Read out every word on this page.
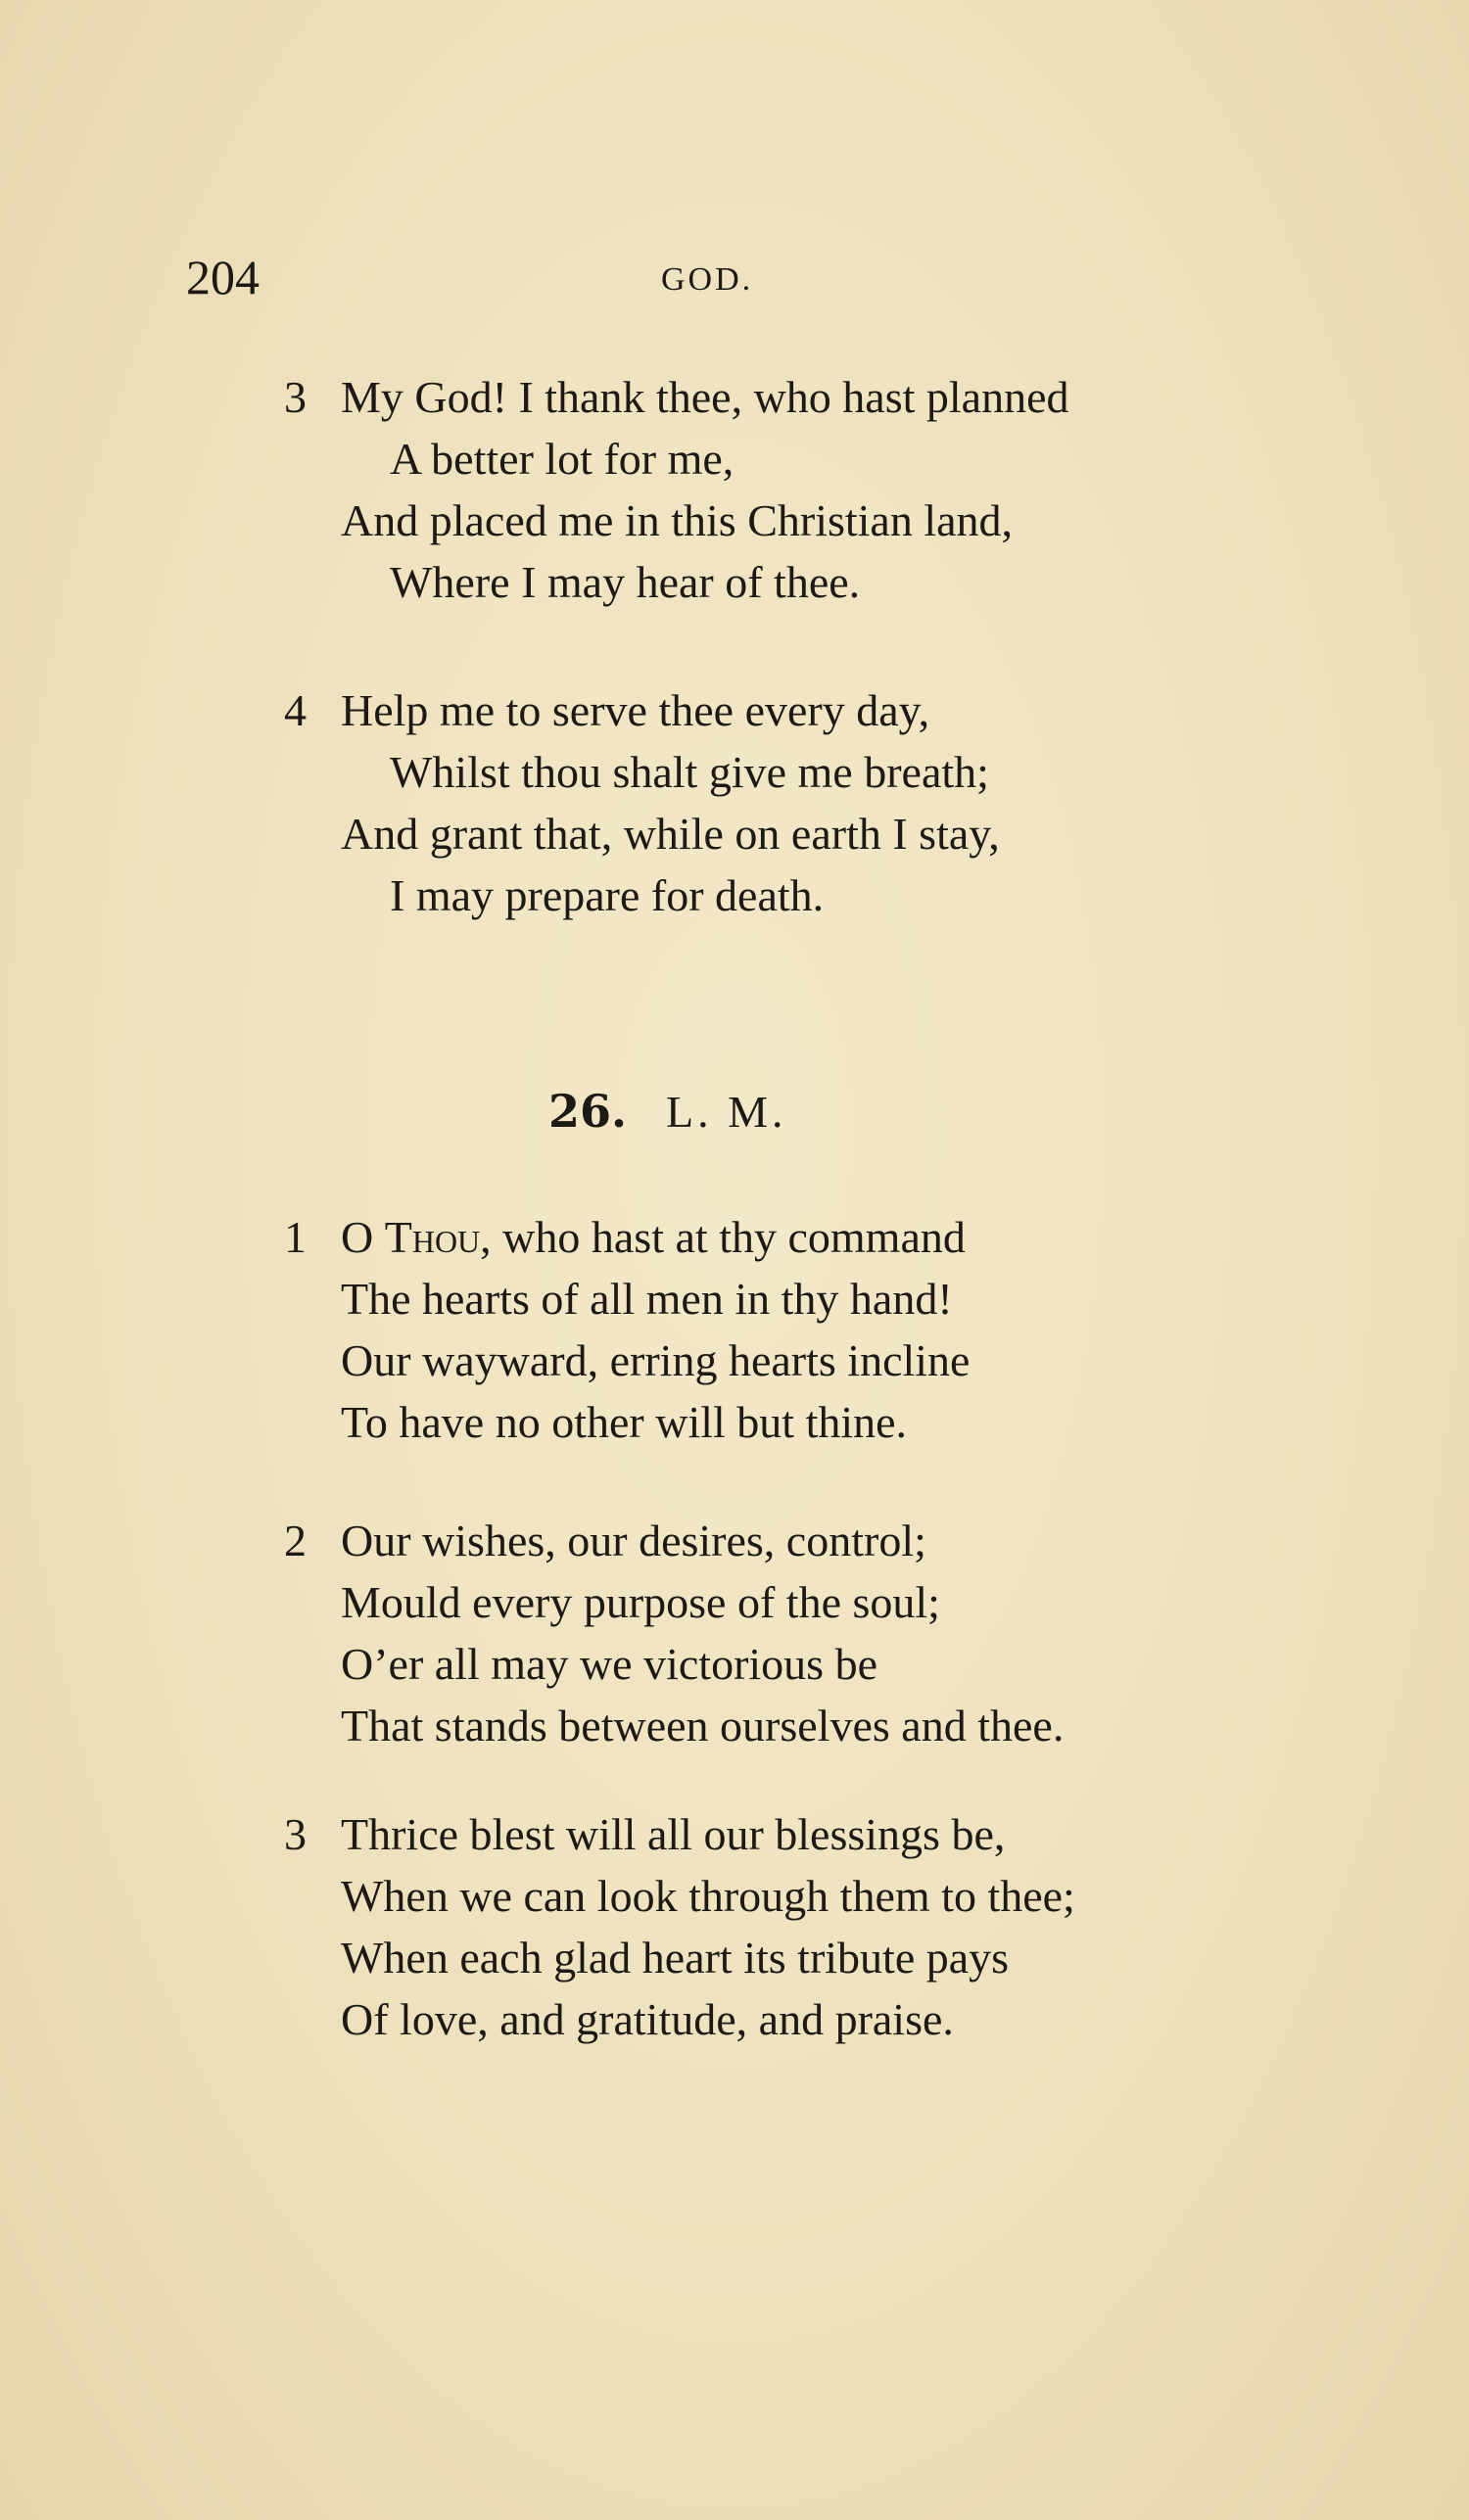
204	GOD.
3 My God! I thank thee, who hast planned
A better lot for me,
And placed me in this Christian land,
Where I may hear of thee.
4 Help me to serve thee every day,
Whilst thou shalt give me breath;
And grant that, while on earth I stay,
I may prepare for death.
26. L. M.
1 O Thou, who hast at thy command
The hearts of all men in thy hand!
Our wayward, erring hearts incline
To have no other will but thine.
2 Our wishes, our desires, control;
Mould every purpose of the soul;
O’er all may we victorious be
That stands between ourselves and thee.
3 Thrice blest will all our blessings be,
When we can look through them to thee;
When each glad heart its tribute pays
Of love, and gratitude, and praise.
